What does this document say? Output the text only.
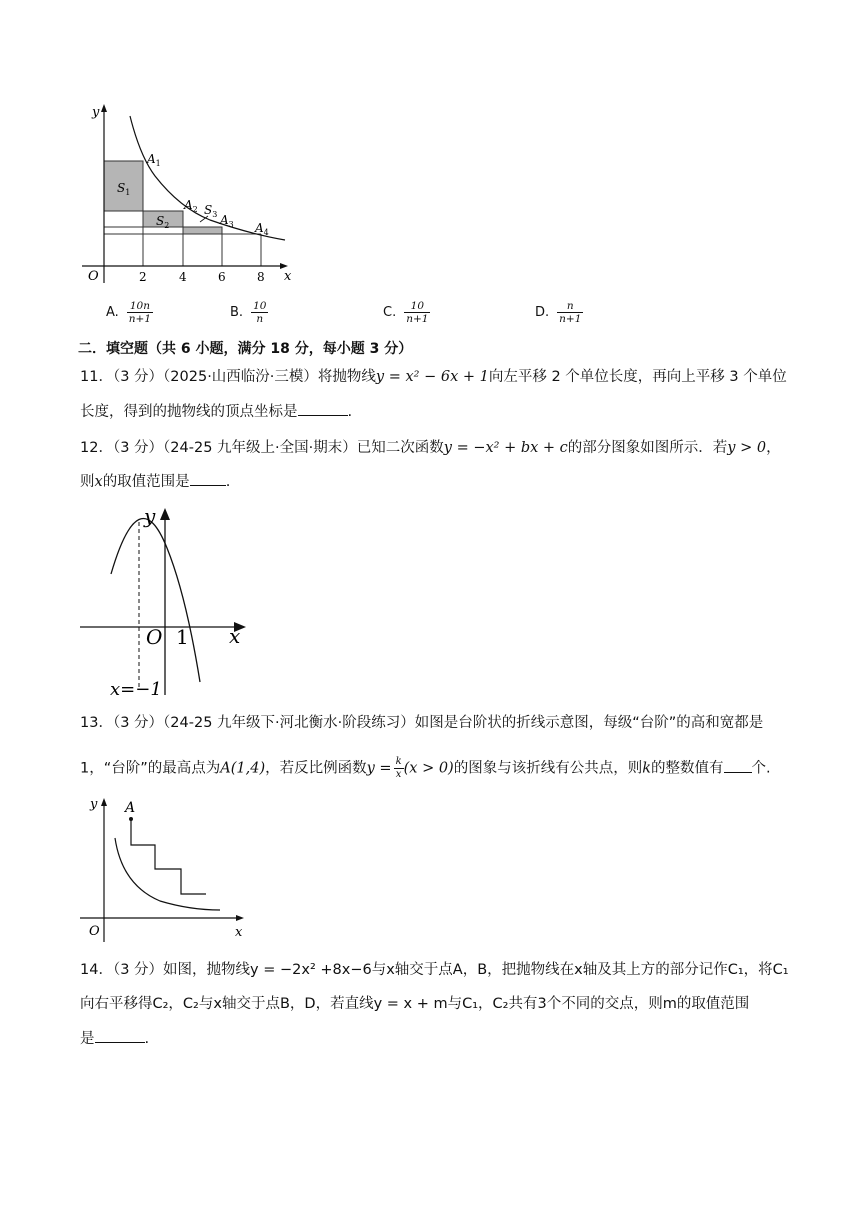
y
x
O	2	4	6	8
$A_1$
$A_2$
$A_3$ $A_4$
$S_1$
$S_2$
$S_3$
A. $\frac{10n}{n+1}$	B. $\frac{10}{n}$	C. $\frac{10}{n+1}$	D. $\frac{n}{n+1}$
二．填空题（共 6 小题，满分 18 分，每小题 3 分）
11．（3 分）（2025·山西临汾·三模）将抛物线y = x² − 6x + 1向左平移 2 个单位长度，再向上平移 3 个单位
长度，得到的抛物线的顶点坐标是	.
12．（3 分）（24-25 九年级上·全国·期末）已知二次函数y = −x² + bx + c的部分图象如图所示．若y > 0，
则x的取值范围是 .
y
x
O 1
x=−1
13．（3 分）（24-25 九年级下·河北衡水·阶段练习）如图是台阶状的折线示意图，每级“台阶”的高和宽都是
1，“台阶”的最高点为A(1,4)，若反比例函数$y = \frac{k}{x} (x > 0)$的图象与该折线有公共点，则k的整数值有 个.
y
x
O
A
14．（3 分）如图，抛物线y = −2x² +8x−6与x轴交于点A，B，把抛物线在x轴及其上方的部分记作C₁，将C₁
向右平移得C₂，C₂与x轴交于点B，D，若直线y = x + m与C₁，C₂共有3个不同的交点，则m的取值范围
是	.
